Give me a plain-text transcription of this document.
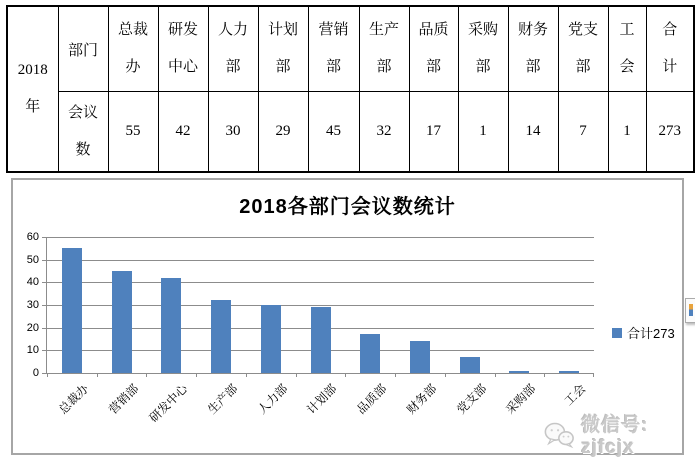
2018 年	部门	总裁办	研发中心	人力部	计划部	营销部	生产部	品质部	采购部	财务部	党支部	工会	合计
	会议数	55	42	30	29	45	32	17	1	14	7	1	273
2018各部门会议数统计
0
10
20
30
40
50
60
总裁办 营销部 研发中心 生产部 人力部 计划部 品质部 财务部 党支部 采购部 工会
合计273
微信号: zjfcjx
